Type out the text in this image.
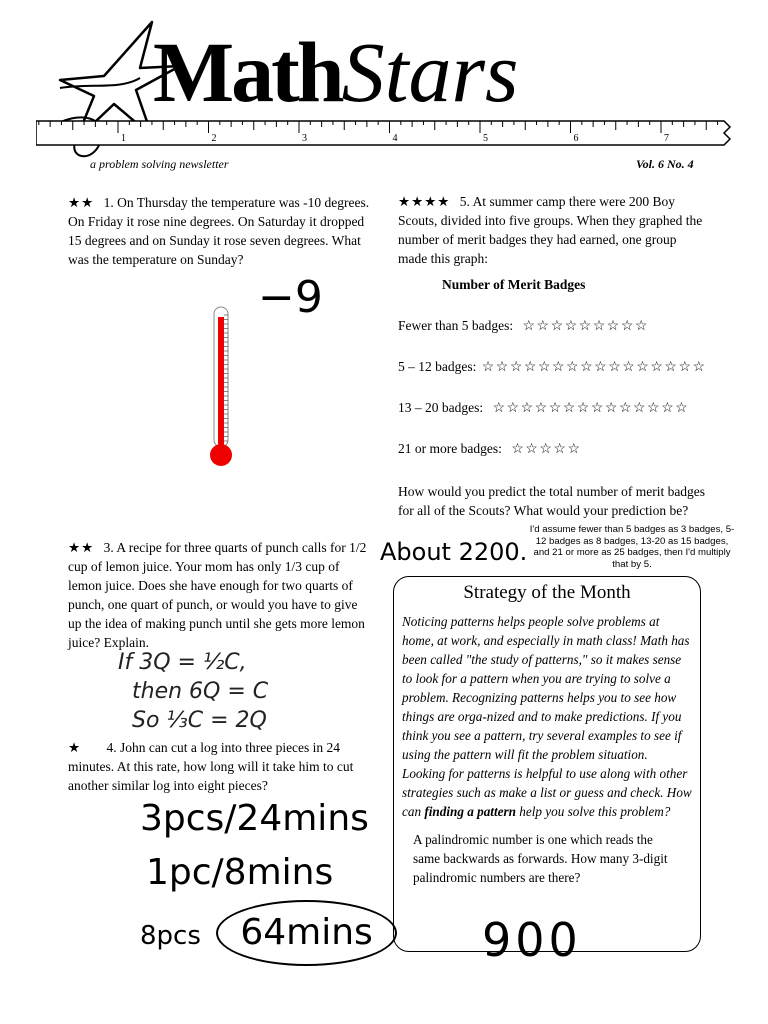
MathStars
1	2	3	4	5	6	7
a problem solving newsletter	Vol. 6 No. 4
★★ 1. On Thursday the temperature was -10 degrees. On Friday it rose nine degrees. On Saturday it dropped 15 degrees and on Sunday it rose seven degrees. What was the temperature on Sunday?
−9
★★ 3. A recipe for three quarts of punch calls for 1/2 cup of lemon juice. Your mom has only 1/3 cup of lemon juice. Does she have enough for two quarts of punch, one quart of punch, or would you have to give up the idea of making punch until she gets more lemon juice? Explain.
If 3Q = ½C,
then 6Q = C
So ⅓C = 2Q
★ 4. John can cut a log into three pieces in 24 minutes. At this rate, how long will it take him to cut another similar log into eight pieces?
3pcs/24mins
1pc/8mins
8pcs 64mins
★★★★ 5. At summer camp there were 200 Boy Scouts, divided into five groups. When they graphed the number of merit badges they had earned, one group made this graph:
Number of Merit Badges
Fewer than 5 badges: ☆☆☆☆☆☆☆☆☆
5 – 12 badges: ☆☆☆☆☆☆☆☆☆☆☆☆☆☆☆☆
13 – 20 badges: ☆☆☆☆☆☆☆☆☆☆☆☆☆☆
21 or more badges: ☆☆☆☆☆
How would you predict the total number of merit badges for all of the Scouts? What would your prediction be?
I'd assume fewer than 5 badges as 3 badges, 5-12 badges as 8 badges, 13-20 as 15 badges, and 21 or more as 25 badges, then I'd multiply that by 5.
About 2200.
Strategy of the Month
Noticing patterns helps people solve problems at home, at work, and especially in math class! Math has been called "the study of patterns," so it makes sense to look for a pattern when you are trying to solve a problem. Recognizing patterns helps you to see how things are orga-nized and to make predictions. If you think you see a pattern, try several examples to see if using the pattern will fit the problem situation. Looking for patterns is helpful to use along with other strategies such as make a list or guess and check. How can finding a pattern help you solve this problem?
A palindromic number is one which reads the same backwards as forwards. How many 3-digit palindromic numbers are there?
900
